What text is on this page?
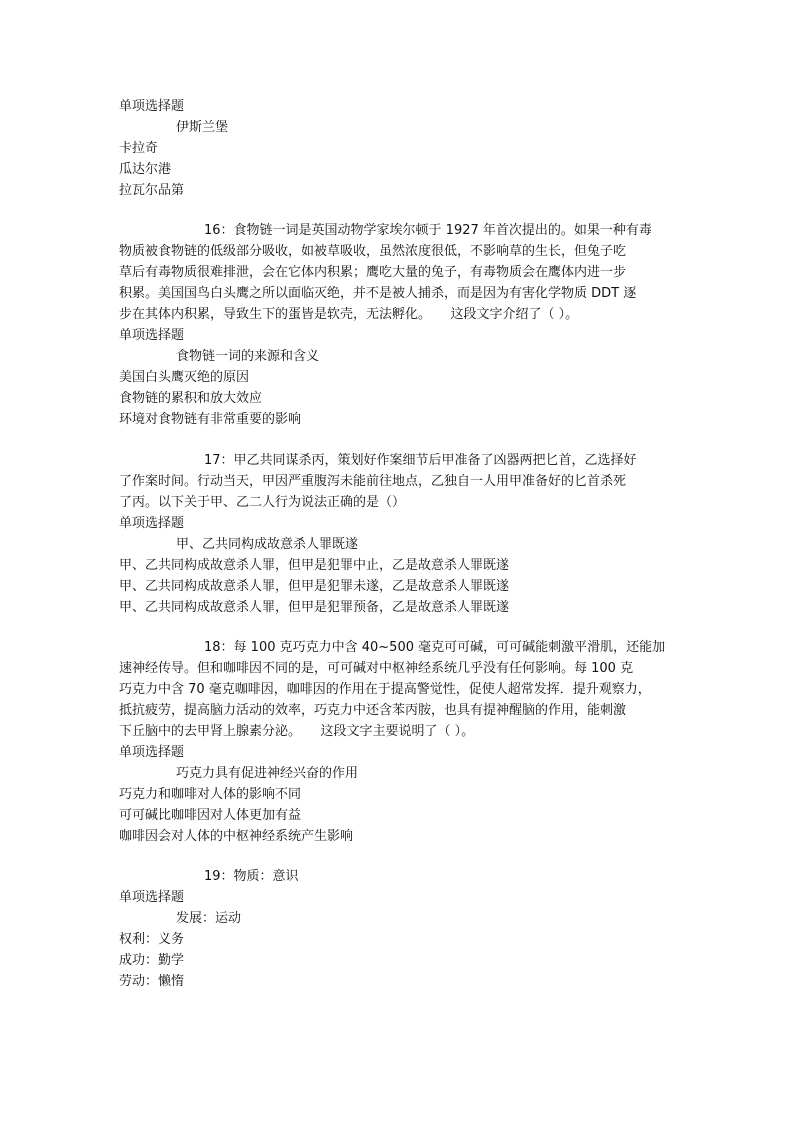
单项选择题
伊斯兰堡
卡拉奇
瓜达尔港
拉瓦尔品第
16：食物链一词是英国动物学家埃尔顿于 1927 年首次提出的。如果一种有毒
物质被食物链的低级部分吸收，如被草吸收，虽然浓度很低，不影响草的生长，但兔子吃
草后有毒物质很难排泄，会在它体内积累；鹰吃大量的兔子，有毒物质会在鹰体内进一步
积累。美国国鸟白头鹰之所以面临灭绝，并不是被人捕杀，而是因为有害化学物质 DDT 逐
步在其体内积累，导致生下的蛋皆是软壳，无法孵化。　　这段文字介绍了（ ）。
单项选择题
食物链一词的来源和含义
美国白头鹰灭绝的原因
食物链的累积和放大效应
环境对食物链有非常重要的影响
17：甲乙共同谋杀丙，策划好作案细节后甲准备了凶器两把匕首，乙选择好
了作案时间。行动当天，甲因严重腹泻未能前往地点，乙独自一人用甲准备好的匕首杀死
了丙。以下关于甲、乙二人行为说法正确的是（）
单项选择题
甲、乙共同构成故意杀人罪既遂
甲、乙共同构成故意杀人罪，但甲是犯罪中止，乙是故意杀人罪既遂
甲、乙共同构成故意杀人罪，但甲是犯罪未遂，乙是故意杀人罪既遂
甲、乙共同构成故意杀人罪，但甲是犯罪预备，乙是故意杀人罪既遂
18：每 100 克巧克力中含 40~500 毫克可可碱，可可碱能刺激平滑肌，还能加
速神经传导。但和咖啡因不同的是，可可碱对中枢神经系统几乎没有任何影响。每 100 克
巧克力中含 70 毫克咖啡因，咖啡因的作用在于提高警觉性，促使人超常发挥．提升观察力，
抵抗疲劳，提高脑力活动的效率，巧克力中还含苯丙胺，也具有提神醒脑的作用，能刺激
下丘脑中的去甲肾上腺素分泌。　　这段文字主要说明了（ ）。
单项选择题
巧克力具有促进神经兴奋的作用
巧克力和咖啡对人体的影响不同
可可碱比咖啡因对人体更加有益
咖啡因会对人体的中枢神经系统产生影响
19：物质：意识
单项选择题
发展：运动
权利：义务
成功：勤学
劳动：懒惰
